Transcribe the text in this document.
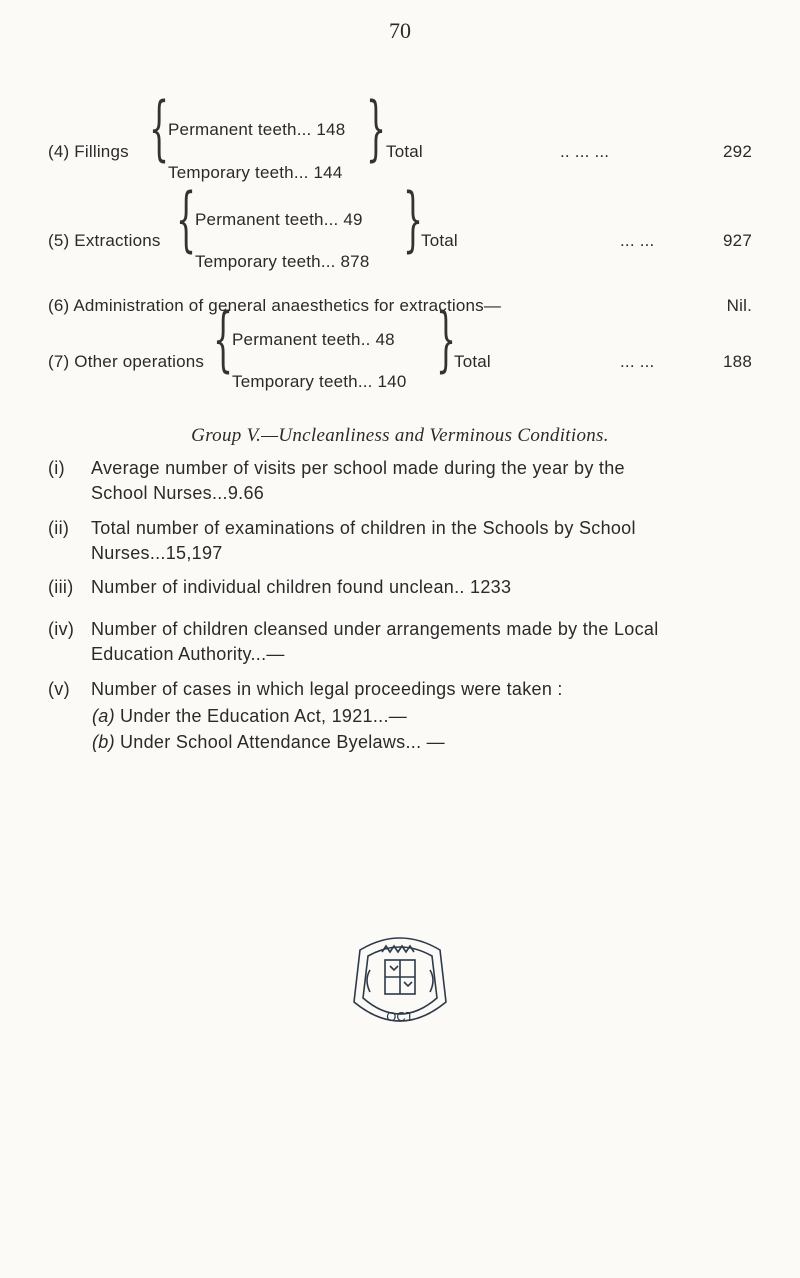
70
(4) Fillings {
Permanent teeth... 148
Temporary teeth... 144
} Total	.. ... ...	292
(5) Extractions {
Permanent teeth... 49
Temporary teeth... 878
}
Total	... ...	927
(6) Administration of general anaesthetics for extractions—	Nil.
(7) Other operations {
Permanent teeth.. 48
Temporary teeth... 140
}
Total	... ...	188
Group V.—Uncleanliness and Verminous Conditions.
(i) Average number of visits per school made during the year by the
School Nurses...9.66
(ii) Total number of examinations of children in the Schools by School
Nurses...15,197
(iii) Number of individual children found unclean.. 1233
(iv) Number of children cleansed under arrangements made by the Local
Education Authority...—
(v) Number of cases in which legal proceedings were taken :
(a) Under the Education Act, 1921...—
(b) Under School Attendance Byelaws... —
OCT
